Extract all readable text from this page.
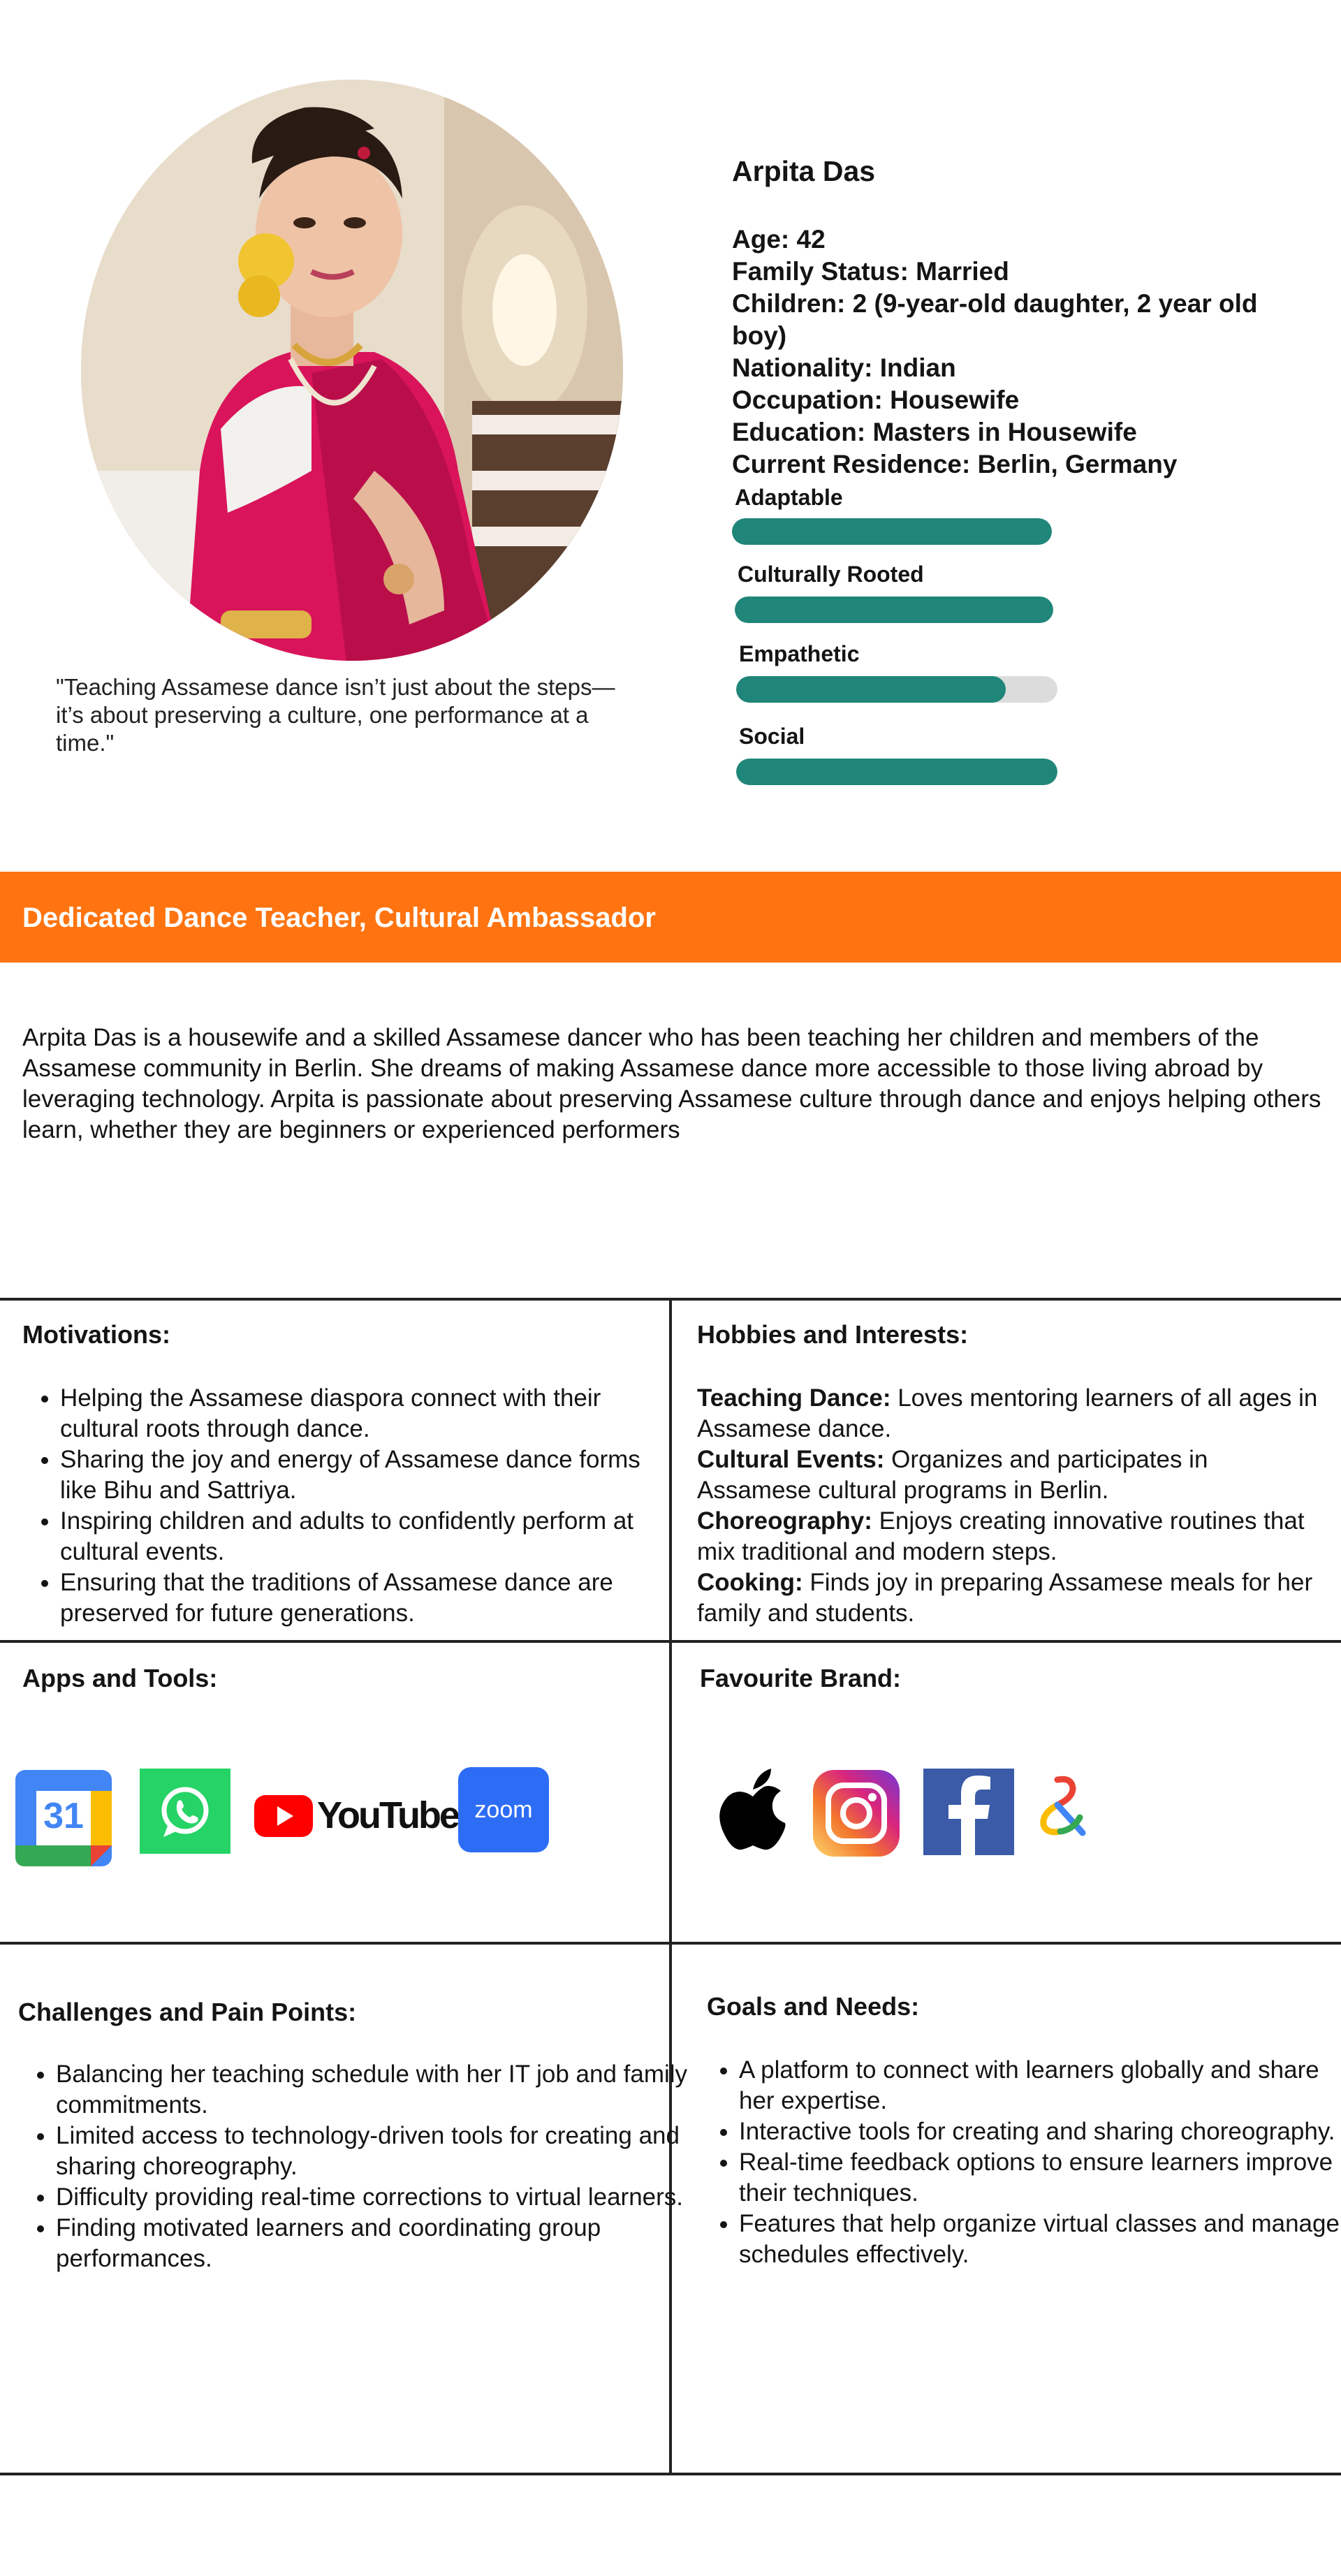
"Teaching Assamese dance isn’t just about the steps—it’s about preserving a culture, one performance at a time."
Arpita Das
Age: 42
Family Status: Married
Children: 2 (9-year-old daughter, 2 year old boy)
Nationality: Indian
Occupation: Housewife
Education: Masters in Housewife
Current Residence: Berlin, Germany
Adaptable
Culturally Rooted
Empathetic
Social
Dedicated Dance Teacher, Cultural Ambassador
Arpita Das is a housewife and a skilled Assamese dancer who has been teaching her children and members of the Assamese community in Berlin. She dreams of making Assamese dance more accessible to those living abroad by leveraging technology. Arpita is passionate about preserving Assamese culture through dance and enjoys helping others learn, whether they are beginners or experienced performers
Motivations:
• Helping the Assamese diaspora connect with their cultural roots through dance.
• Sharing the joy and energy of Assamese dance forms like Bihu and Sattriya.
• Inspiring children and adults to confidently perform at cultural events.
• Ensuring that the traditions of Assamese dance are preserved for future generations.
Hobbies and Interests:
Teaching Dance: Loves mentoring learners of all ages in Assamese dance.
Cultural Events: Organizes and participates in Assamese cultural programs in Berlin.
Choreography: Enjoys creating innovative routines that mix traditional and modern steps.
Cooking: Finds joy in preparing Assamese meals for her family and students.
Apps and Tools:
31	YouTube zoom
Favourite Brand:
Challenges and Pain Points:
• Balancing her teaching schedule with her IT job and family commitments.
• Limited access to technology-driven tools for creating and sharing choreography.
• Difficulty providing real-time corrections to virtual learners.
• Finding motivated learners and coordinating group performances.
Goals and Needs:
• A platform to connect with learners globally and share her expertise.
• Interactive tools for creating and sharing choreography.
• Real-time feedback options to ensure learners improve their techniques.
• Features that help organize virtual classes and manage schedules effectively.
